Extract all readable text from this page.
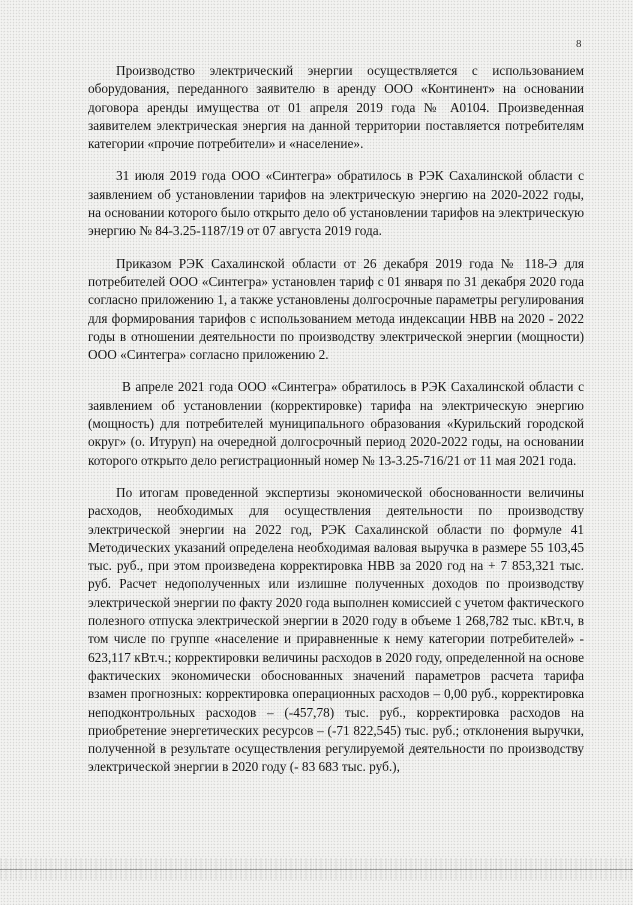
8

Производство электрический энергии осуществляется с использованием оборудования, переданного заявителю в аренду ООО «Континент» на основании договора аренды имущества от 01 апреля 2019 года № А0104. Произведенная заявителем электрическая энергия на данной территории поставляется потребителям категории «прочие потребители» и «население».

31 июля 2019 года ООО «Синтегра» обратилось в РЭК Сахалинской области с заявлением об установлении тарифов на электрическую энергию на 2020-2022 годы, на основании которого было открыто дело об установлении тарифов на электрическую энергию № 84-3.25-1187/19 от 07 августа 2019 года.

Приказом РЭК Сахалинской области от 26 декабря 2019 года № 118-Э для потребителей ООО «Синтегра» установлен тариф с 01 января по 31 декабря 2020 года согласно приложению 1, а также установлены долгосрочные параметры регулирования для формирования тарифов с использованием метода индексации НВВ на 2020 - 2022 годы в отношении деятельности по производству электрической энергии (мощности) ООО «Синтегра» согласно приложению 2.

В апреле 2021 года ООО «Синтегра» обратилось в РЭК Сахалинской области с заявлением об установлении (корректировке) тарифа на электрическую энергию (мощность) для потребителей муниципального образования «Курильский городской округ» (о. Итуруп) на очередной долгосрочный период 2020-2022 годы, на основании которого открыто дело регистрационный номер № 13-3.25-716/21 от 11 мая 2021 года.

По итогам проведенной экспертизы экономической обоснованности величины расходов, необходимых для осуществления деятельности по производству электрической энергии на 2022 год, РЭК Сахалинской области по формуле 41 Методических указаний определена необходимая валовая выручка в размере 55 103,45 тыс. руб., при этом произведена корректировка НВВ за 2020 год на + 7 853,321 тыс. руб. Расчет недополученных или излишне полученных доходов по производству электрической энергии по факту 2020 года выполнен комиссией с учетом фактического полезного отпуска электрической энергии в 2020 году в объеме 1 268,782 тыс. кВт.ч, в том числе по группе «население и приравненные к нему категории потребителей» - 623,117 кВт.ч.; корректировки величины расходов в 2020 году, определенной на основе фактических экономически обоснованных значений параметров расчета тарифа взамен прогнозных: корректировка операционных расходов – 0,00 руб., корректировка неподконтрольных расходов – (-457,78) тыс. руб., корректировка расходов на приобретение энергетических ресурсов – (-71 822,545) тыс. руб.; отклонения выручки, полученной в результате осуществления регулируемой деятельности по производству электрической энергии в 2020 году (- 83 683 тыс. руб.),
